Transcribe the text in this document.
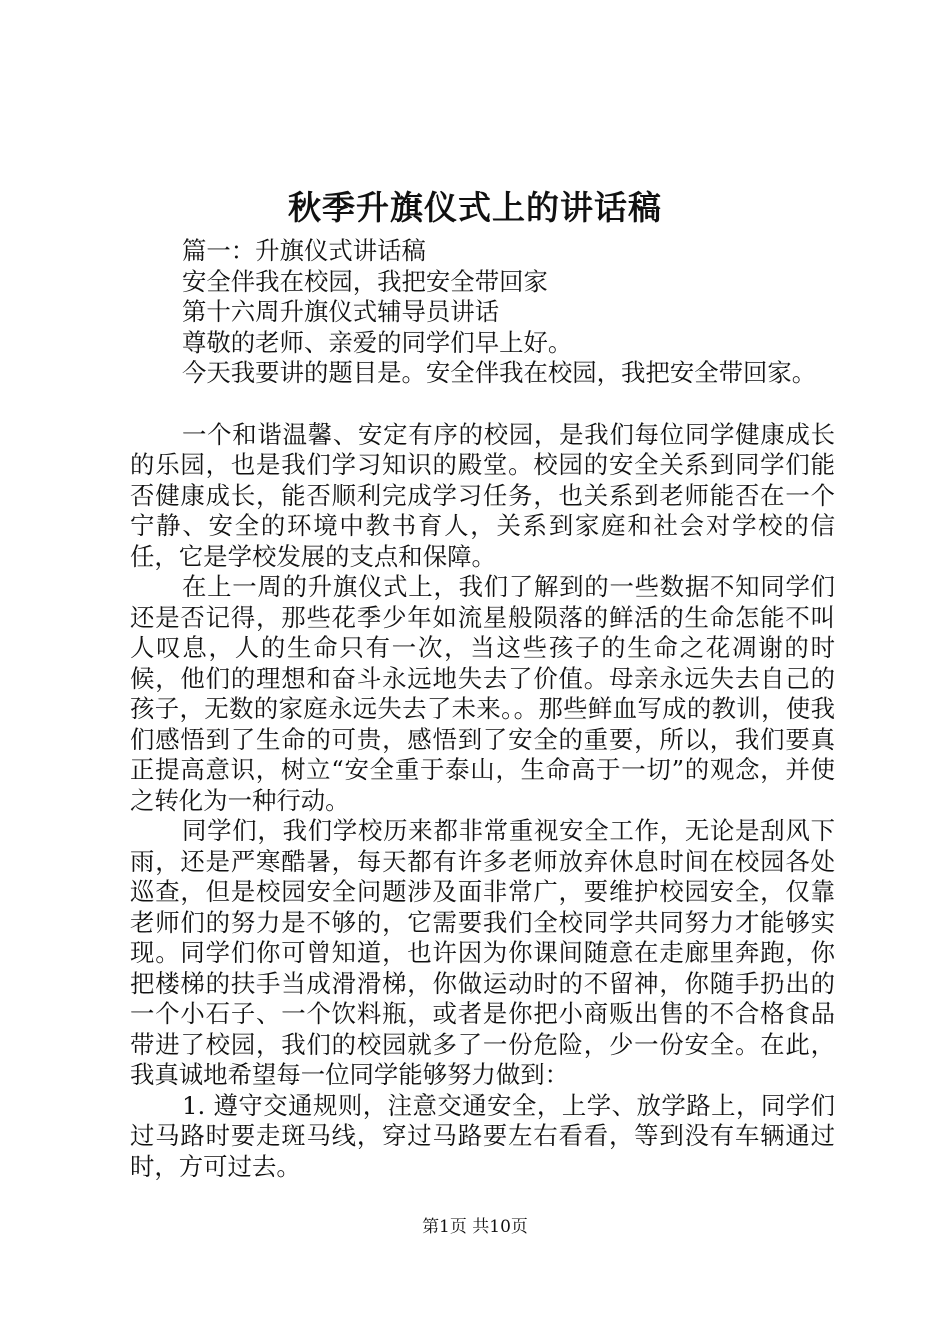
秋季升旗仪式上的讲话稿

篇一：升旗仪式讲话稿

安全伴我在校园，我把安全带回家

第十六周升旗仪式辅导员讲话

尊敬的老师、亲爱的同学们早上好。

今天我要讲的题目是。安全伴我在校园，我把安全带回家。

一个和谐温馨、安定有序的校园，是我们每位同学健康成长的乐园，也是我们学习知识的殿堂。校园的安全关系到同学们能否健康成长，能否顺利完成学习任务，也关系到老师能否在一个宁静、安全的环境中教书育人，关系到家庭和社会对学校的信任，它是学校发展的支点和保障。

在上一周的升旗仪式上，我们了解到的一些数据不知同学们还是否记得，那些花季少年如流星般陨落的鲜活的生命怎能不叫人叹息，人的生命只有一次，当这些孩子的生命之花凋谢的时候，他们的理想和奋斗永远地失去了价值。母亲永远失去自己的孩子，无数的家庭永远失去了未来。。那些鲜血写成的教训，使我们感悟到了生命的可贵，感悟到了安全的重要，所以，我们要真正提高意识，树立“安全重于泰山，生命高于一切”的观念，并使之转化为一种行动。

同学们，我们学校历来都非常重视安全工作，无论是刮风下雨，还是严寒酷暑，每天都有许多老师放弃休息时间在校园各处巡查，但是校园安全问题涉及面非常广，要维护校园安全，仅靠老师们的努力是不够的，它需要我们全校同学共同努力才能够实现。同学们你可曾知道，也许因为你课间随意在走廊里奔跑，你把楼梯的扶手当成滑滑梯，你做运动时的不留神，你随手扔出的一个小石子、一个饮料瓶，或者是你把小商贩出售的不合格食品带进了校园，我们的校园就多了一份危险，少一份安全。在此，我真诚地希望每一位同学能够努力做到：

1. 遵守交通规则，注意交通安全，上学、放学路上，同学们过马路时要走斑马线，穿过马路要左右看看，等到没有车辆通过时，方可过去。

第1页 共10页
